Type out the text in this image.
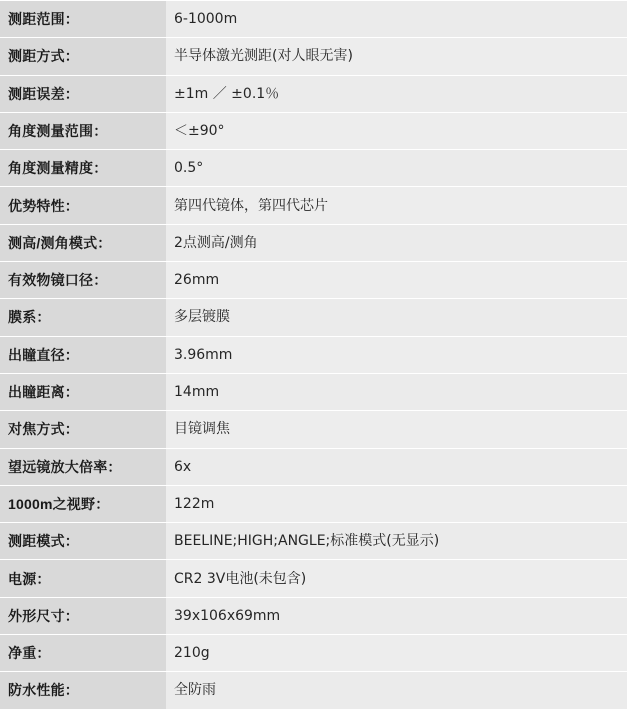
测距范围：	6-1000m
测距方式：	半导体激光测距(对人眼无害)
测距误差：	±1m ／ ±0.1％
角度测量范围：	＜±90°
角度测量精度：	0.5°
优势特性：	第四代镜体，第四代芯片
测高/测角模式：	2点测高/测角
有效物镜口径：	26mm
膜系：	多层镀膜
出瞳直径：	3.96mm
出瞳距离：	14mm
对焦方式：	目镜调焦
望远镜放大倍率：	6x
1000m之视野：	122m
测距模式：	BEELINE;HIGH;ANGLE;标准模式(无显示)
电源：	CR2 3V电池(未包含)
外形尺寸：	39x106x69mm
净重：	210g
防水性能：	全防雨
